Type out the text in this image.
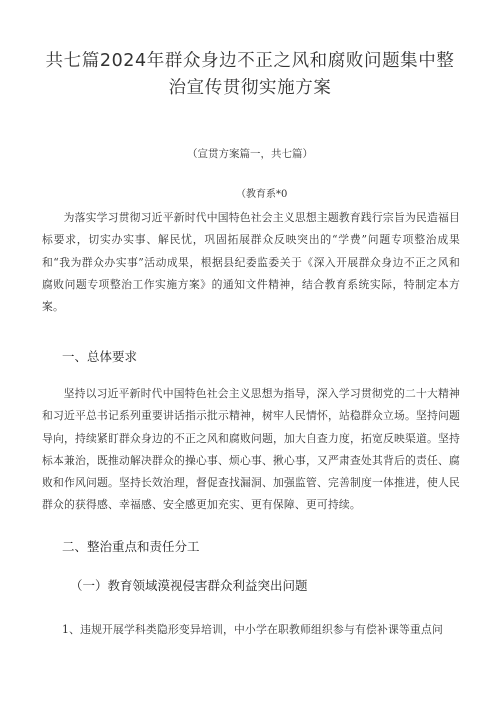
共七篇2024年群众身边不正之风和腐败问题集中整
治宣传贯彻实施方案
（宣贯方案篇一，共七篇）
（教育系*0

为落实学习贯彻习近平新时代中国特色社会主义思想主题教育践行宗旨为民造福目标要求，切实办实事、解民忧，巩固拓展群众反映突出的“学费”问题专项整治成果和“我为群众办实事”活动成果，根据县纪委监委关于《深入开展群众身边不正之风和腐败问题专项整治工作实施方案》的通知文件精神，结合教育系统实际，特制定本方案。

一、总体要求

坚持以习近平新时代中国特色社会主义思想为指导，深入学习贯彻党的二十大精神和习近平总书记系列重要讲话指示批示精神，树牢人民情怀，站稳群众立场。坚持问题导向，持续紧盯群众身边的不正之风和腐败问题，加大自查力度，拓宽反映渠道。坚持标本兼治，既推动解决群众的操心事、烦心事、揪心事，又严肃查处其背后的责任、腐败和作风问题。坚持长效治理，督促查找漏洞、加强监管、完善制度一体推进，使人民群众的获得感、幸福感、安全感更加充实、更有保障、更可持续。

二、整治重点和责任分工

（一）教育领域漠视侵害群众利益突出问题

1、违规开展学科类隐形变异培训，中小学在职教师组织参与有偿补课等重点问
